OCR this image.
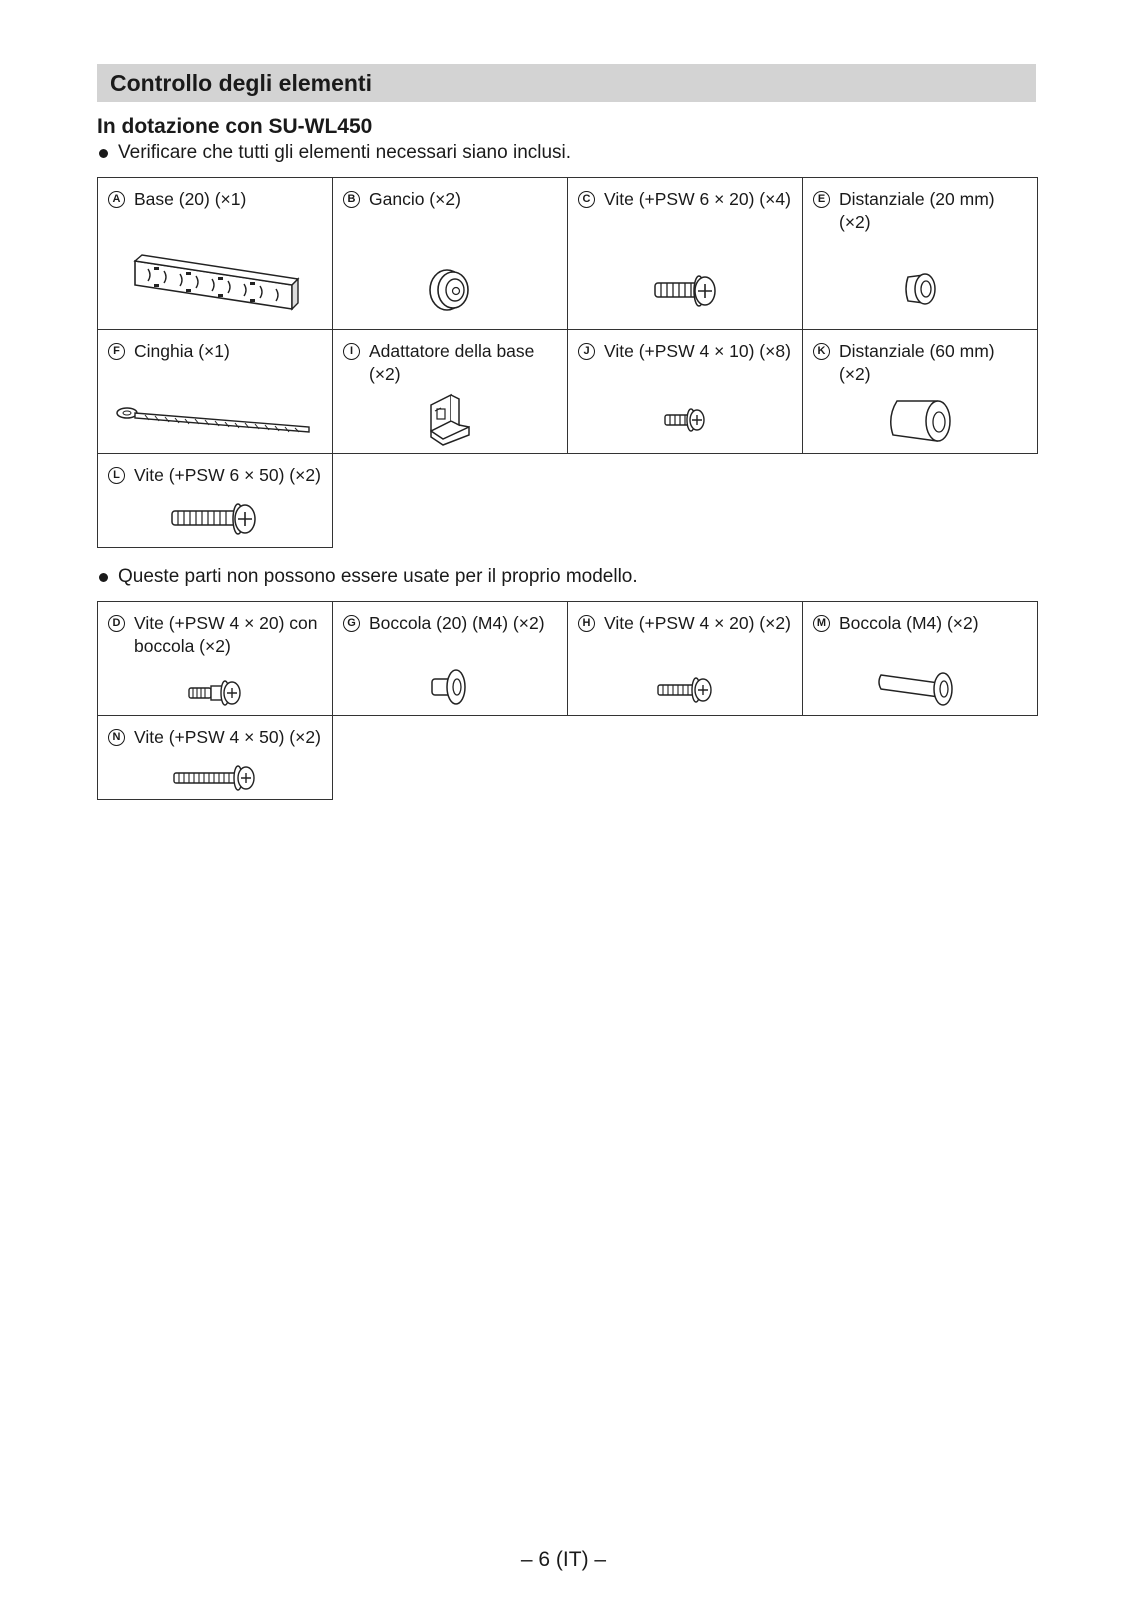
Controllo degli elementi
In dotazione con SU-WL450
Verificare che tutti gli elementi necessari siano inclusi.
A Base (20) (×1)	B Gancio (×2)	C Vite (+PSW 6 × 20) (×4)	E Distanziale (20 mm) (×2)

F Cinghia (×1)	I Adattatore della base (×2)	J Vite (+PSW 4 × 10) (×8)	K Distanziale (60 mm) (×2)

L Vite (+PSW 6 × 50) (×2)			

Queste parti non possono essere usate per il proprio modello.
D Vite (+PSW 4 × 20) con boccola (×2)	G Boccola (20) (M4) (×2)	H Vite (+PSW 4 × 20) (×2)	M Boccola (M4) (×2)

N Vite (+PSW 4 × 50) (×2)			

– 6 (IT) –
